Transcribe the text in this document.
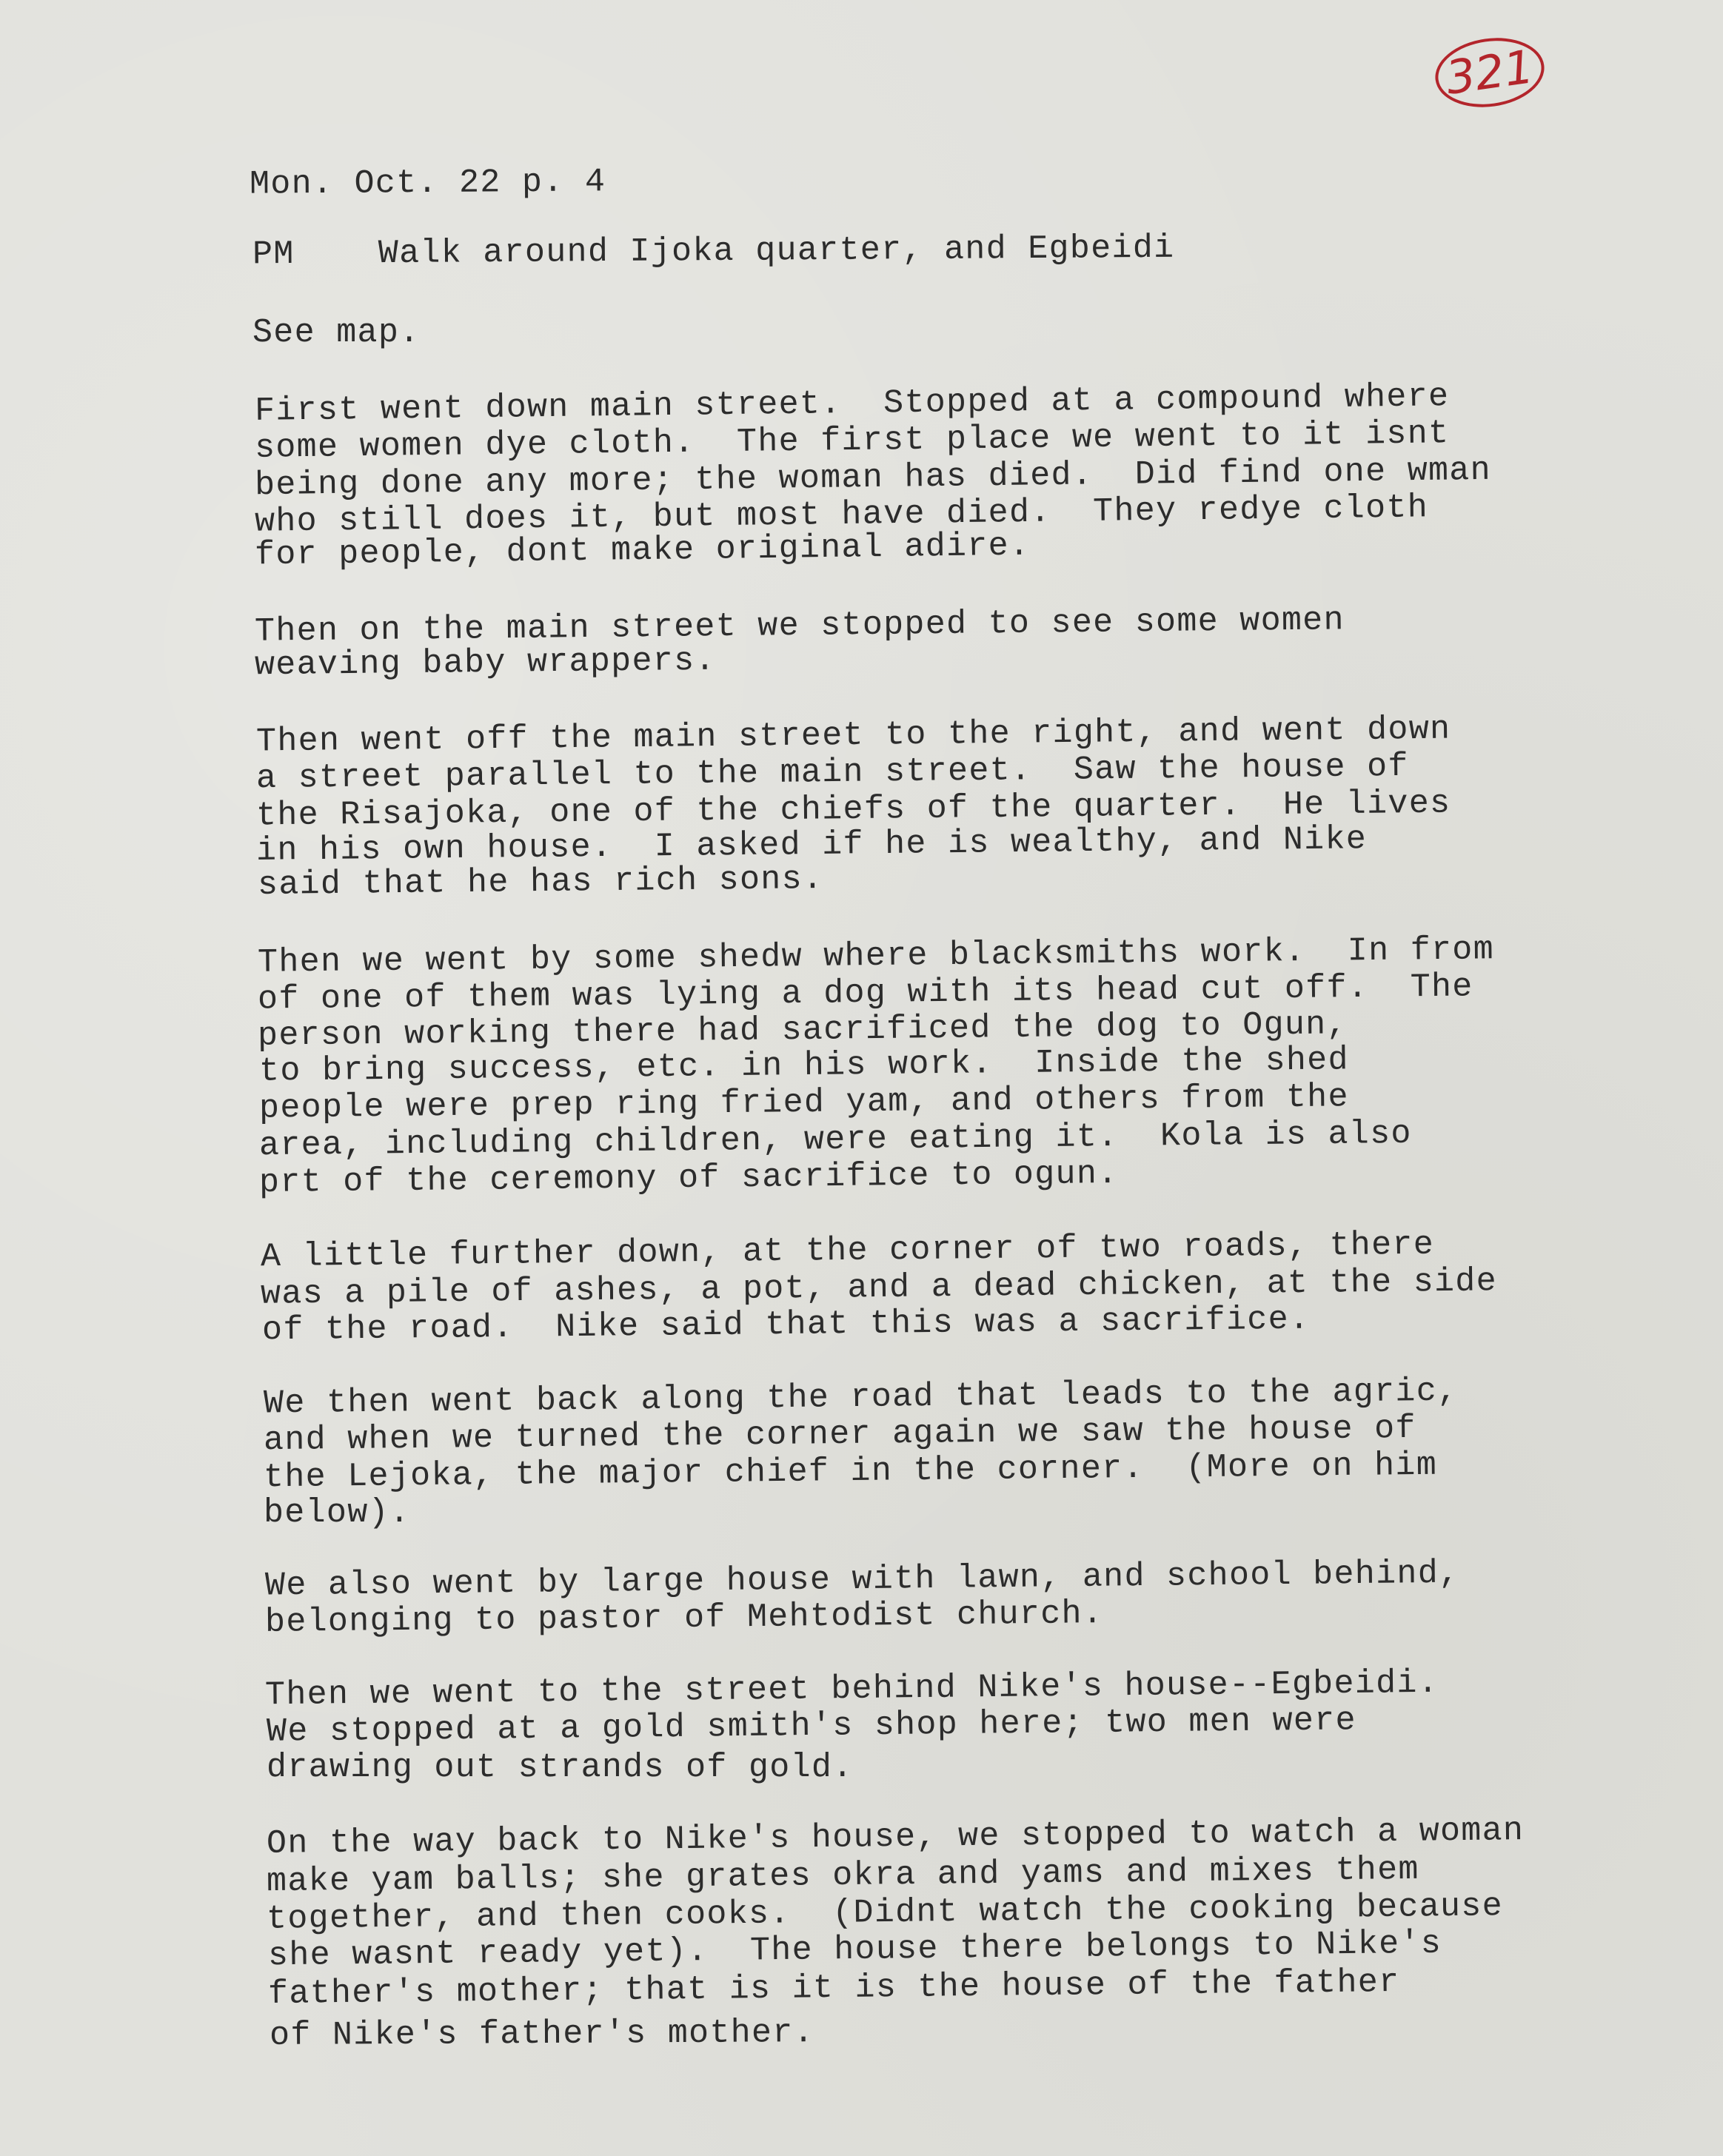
321
Mon. Oct. 22 p. 4
PM    Walk around Ijoka quarter, and Egbeidi
See map.
First went down main street.  Stopped at a compound where
some women dye cloth.  The first place we went to it isnt
being done any more; the woman has died.  Did find one wman
who still does it, but most have died.  They redye cloth
for people, dont make original adire.
Then on the main street we stopped to see some women
weaving baby wrappers.
Then went off the main street to the right, and went down
a street parallel to the main street.  Saw the house of
the Risajoka, one of the chiefs of the quarter.  He lives
in his own house.  I asked if he is wealthy, and Nike
said that he has rich sons.
Then we went by some shedw where blacksmiths work.  In from
of one of them was lying a dog with its head cut off.  The
person working there had sacrificed the dog to Ogun,
to bring success, etc. in his work.  Inside the shed
people were prep ring fried yam, and others from the
area, including children, were eating it.  Kola is also
prt of the ceremony of sacrifice to ogun.
A little further down, at the corner of two roads, there
was a pile of ashes, a pot, and a dead chicken, at the side
of the road.  Nike said that this was a sacrifice.
We then went back along the road that leads to the agric,
and when we turned the corner again we saw the house of
the Lejoka, the major chief in the corner.  (More on him
below).
We also went by large house with lawn, and school behind,
belonging to pastor of Mehtodist church.
Then we went to the street behind Nike's house--Egbeidi.
We stopped at a gold smith's shop here; two men were
drawing out strands of gold.
On the way back to Nike's house, we stopped to watch a woman
make yam balls; she grates okra and yams and mixes them
together, and then cooks.  (Didnt watch the cooking because
she wasnt ready yet).  The house there belongs to Nike's
father's mother; that is it is the house of the father
of Nike's father's mother.
